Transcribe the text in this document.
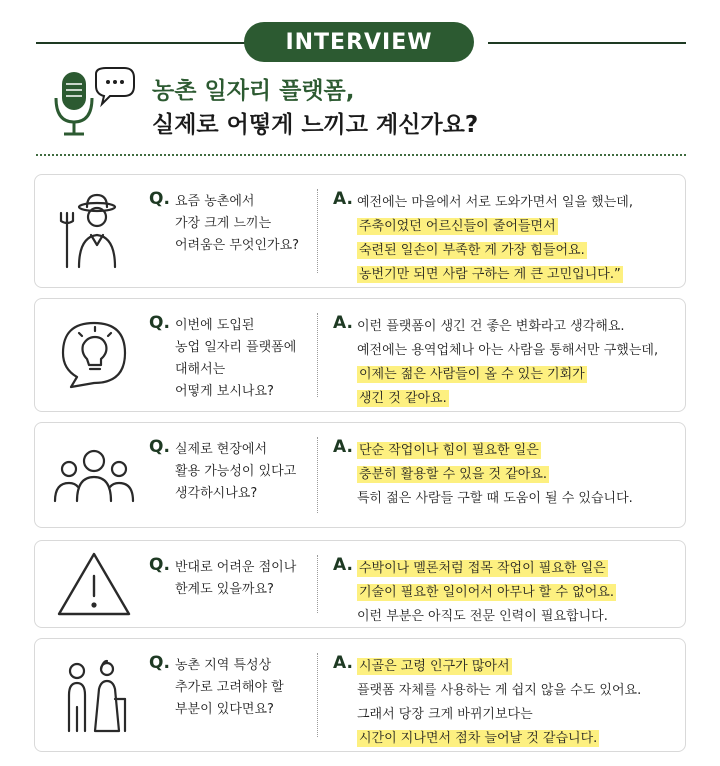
INTERVIEW
농촌 일자리 플랫폼,
실제로 어떻게 느끼고 계신가요?
Q. 요즘 농촌에서
가장 크게 느끼는
어려움은 무엇인가요?
A. 예전에는 마을에서 서로 도와가면서 일을 했는데,
주축이었던 어르신들이 줄어들면서
숙련된 일손이 부족한 게 가장 힘들어요.
농번기만 되면 사람 구하는 게 큰 고민입니다.”
Q. 이번에 도입된
농업 일자리 플랫폼에
대해서는
어떻게 보시나요?
A. 이런 플랫폼이 생긴 건 좋은 변화라고 생각해요.
예전에는 용역업체나 아는 사람을 통해서만 구했는데,
이제는 젊은 사람들이 올 수 있는 기회가
생긴 것 같아요.
Q. 실제로 현장에서
활용 가능성이 있다고
생각하시나요?
A. 단순 작업이나 힘이 필요한 일은
충분히 활용할 수 있을 것 같아요.
특히 젊은 사람들 구할 때 도움이 될 수 있습니다.
Q. 반대로 어려운 점이나
한계도 있을까요?
A. 수박이나 멜론처럼 접목 작업이 필요한 일은
기술이 필요한 일이어서 아무나 할 수 없어요.
이런 부분은 아직도 전문 인력이 필요합니다.
Q. 농촌 지역 특성상
추가로 고려해야 할
부분이 있다면요?
A. 시골은 고령 인구가 많아서
플랫폼 자체를 사용하는 게 쉽지 않을 수도 있어요.
그래서 당장 크게 바뀌기보다는
시간이 지나면서 점차 늘어날 것 같습니다.
